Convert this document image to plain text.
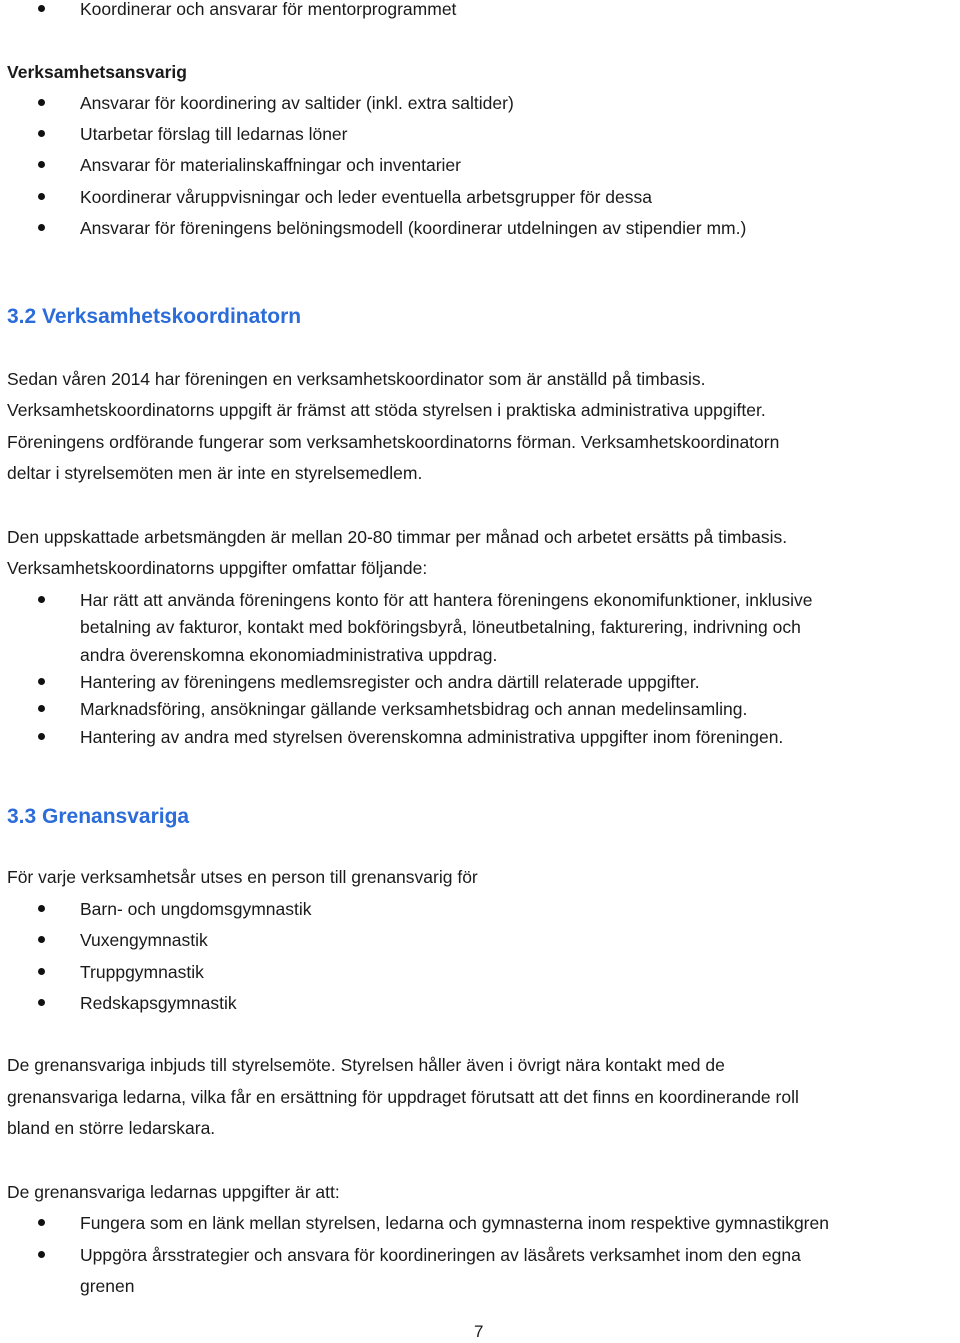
Koordinerar och ansvarar för mentorprogrammet
Verksamhetsansvarig
Ansvarar för koordinering av saltider (inkl. extra saltider)
Utarbetar förslag till ledarnas löner
Ansvarar för materialinskaffningar och inventarier
Koordinerar våruppvisningar och leder eventuella arbetsgrupper för dessa
Ansvarar för föreningens belöningsmodell (koordinerar utdelningen av stipendier mm.)
3.2 Verksamhetskoordinatorn
Sedan våren 2014 har föreningen en verksamhetskoordinator som är anställd på timbasis.
Verksamhetskoordinatorns uppgift är främst att stöda styrelsen i praktiska administrativa uppgifter.
Föreningens ordförande fungerar som verksamhetskoordinatorns förman. Verksamhetskoordinatorn
deltar i styrelsemöten men är inte en styrelsemedlem.
Den uppskattade arbetsmängden är mellan 20-80 timmar per månad och arbetet ersätts på timbasis.
Verksamhetskoordinatorns uppgifter omfattar följande:
Har rätt att använda föreningens konto för att hantera föreningens ekonomifunktioner, inklusive
betalning av fakturor, kontakt med bokföringsbyrå, löneutbetalning, fakturering, indrivning och
andra överenskomna ekonomiadministrativa uppdrag.
Hantering av föreningens medlemsregister och andra därtill relaterade uppgifter.
Marknadsföring, ansökningar gällande verksamhetsbidrag och annan medelinsamling.
Hantering av andra med styrelsen överenskomna administrativa uppgifter inom föreningen.
3.3 Grenansvariga
För varje verksamhetsår utses en person till grenansvarig för
Barn- och ungdomsgymnastik
Vuxengymnastik
Truppgymnastik
Redskapsgymnastik
De grenansvariga inbjuds till styrelsemöte. Styrelsen håller även i övrigt nära kontakt med de
grenansvariga ledarna, vilka får en ersättning för uppdraget förutsatt att det finns en koordinerande roll
bland en större ledarskara.
De grenansvariga ledarnas uppgifter är att:
Fungera som en länk mellan styrelsen, ledarna och gymnasterna inom respektive gymnastikgren
Uppgöra årsstrategier och ansvara för koordineringen av läsårets verksamhet inom den egna
grenen
7
